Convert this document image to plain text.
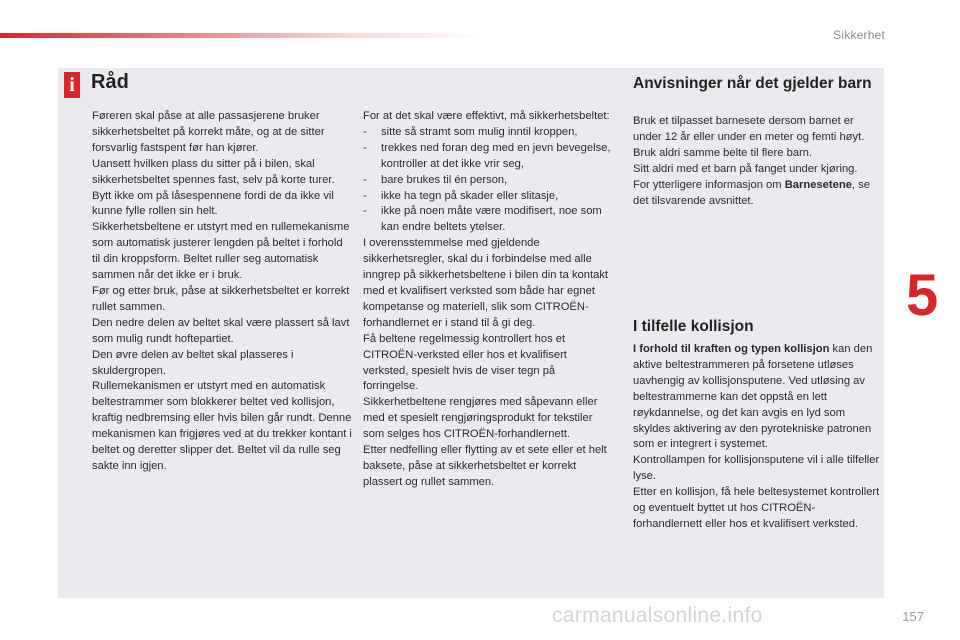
Sikkerhet
i Råd

Føreren skal påse at alle passasjerene bruker sikkerhetsbeltet på korrekt måte, og at de sitter forsvarlig fastspent før han kjører.

Uansett hvilken plass du sitter på i bilen, skal sikkerhetsbeltet spennes fast, selv på korte turer.

Bytt ikke om på låsespennene fordi de da ikke vil kunne fylle rollen sin helt.

Sikkerhetsbeltene er utstyrt med en rullemekanisme som automatisk justerer lengden på beltet i forhold til din kroppsform. Beltet ruller seg automatisk sammen når det ikke er i bruk.

Før og etter bruk, påse at sikkerhetsbeltet er korrekt rullet sammen.

Den nedre delen av beltet skal være plassert så lavt som mulig rundt hoftepartiet.

Den øvre delen av beltet skal plasseres i skuldergropen.

Rullemekanismen er utstyrt med en automatisk beltestrammer som blokkerer beltet ved kollisjon, kraftig nedbremsing eller hvis bilen går rundt. Denne mekanismen kan frigjøres ved at du trekker kontant i beltet og deretter slipper det. Beltet vil da rulle seg sakte inn igjen.

For at det skal være effektivt, må sikkerhetsbeltet:

-	sitte så stramt som mulig inntil kroppen,
-	trekkes ned foran deg med en jevn bevegelse, kontroller at det ikke vrir seg,
-	bare brukes til én person,
-	ikke ha tegn på skader eller slitasje,
-	ikke på noen måte være modifisert, noe som kan endre beltets ytelser.

I overensstemmelse med gjeldende sikkerhetsregler, skal du i forbindelse med alle inngrep på sikkerhetsbeltene i bilen din ta kontakt med et kvalifisert verksted som både har egnet kompetanse og materiell, slik som CITROËN-forhandlernet er i stand til å gi deg.

Få beltene regelmessig kontrollert hos et CITROËN-verksted eller hos et kvalifisert verksted, spesielt hvis de viser tegn på forringelse.

Sikkerhetbeltene rengjøres med såpevann eller med et spesielt rengjøringsprodukt for tekstiler som selges hos CITROËN-forhandlernett.

Etter nedfelling eller flytting av et sete eller et helt baksete, påse at sikkerhetsbeltet er korrekt plassert og rullet sammen.

Anvisninger når det gjelder barn

Bruk et tilpasset barnesete dersom barnet er under 12 år eller under en meter og femti høyt.

Bruk aldri samme belte til flere barn.

Sitt aldri med et barn på fanget under kjøring.

For ytterligere informasjon om Barnesetene, se det tilsvarende avsnittet.

I tilfelle kollisjon

I forhold til kraften og typen kollisjon kan den aktive beltestrammeren på forsetene utløses uavhengig av kollisjonsputene. Ved utløsing av beltestrammerne kan det oppstå en lett røykdannelse, og det kan avgis en lyd som skyldes aktivering av den pyrotekniske patronen som er integrert i systemet.

Kontrollampen for kollisjonsputene vil i alle tilfeller lyse.

Etter en kollisjon, få hele beltesystemet kontrollert og eventuelt byttet ut hos CITROËN-forhandlernett eller hos et kvalifisert verksted.

5
157
carmanualsonline.info
